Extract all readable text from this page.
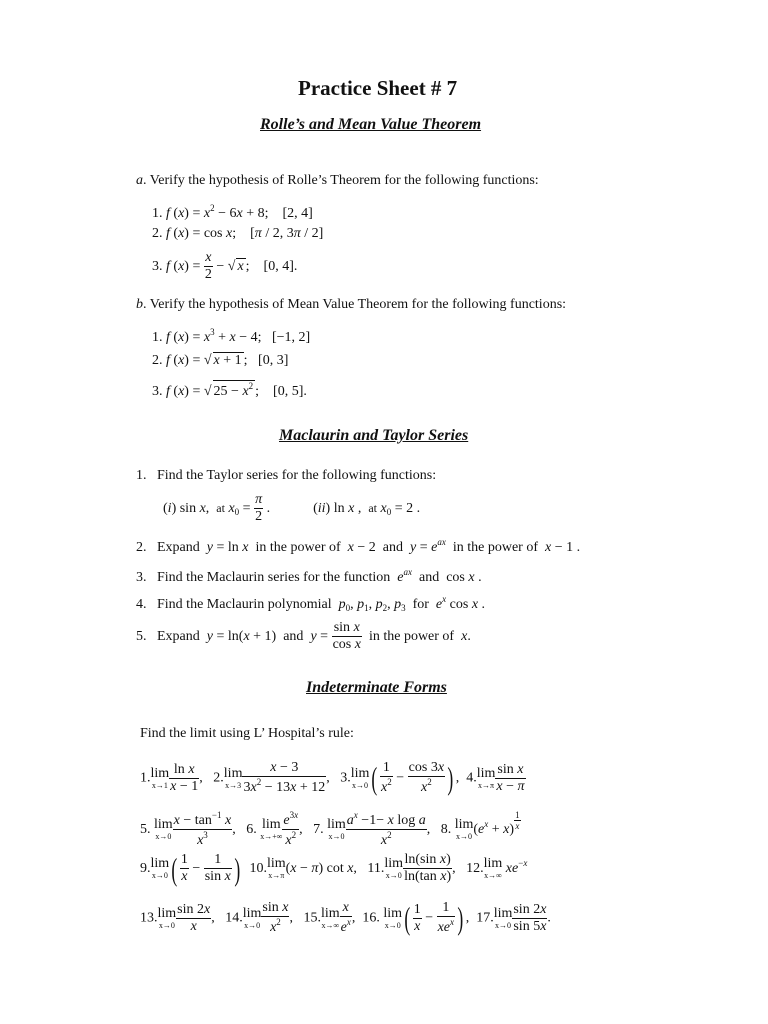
Practice Sheet # 7
Rolle’s and Mean Value Theorem
a. Verify the hypothesis of Rolle’s Theorem for the following functions:
1. f $(x) = x^2 - 6x + 8$;    [2, 4]
2. f (x) = cos x;    [π / 2, 3π / 2]
3. f $(x) = \frac{x}{2}$ − √ x ;    [0, 4].
b. Verify the hypothesis of Mean Value Theorem for the following functions:
1. f $(x) = x^3 + x - 4$;   [−1, 2]
2. f (x) = √ x + 1 ;   [0, 3]
3. f (x) = √ $25 - x^2$ ;    [0, 5].
Maclaurin and Taylor Series
1.   Find the Taylor series for the following functions:
(i) sin x,  at $x_0 = \frac{\pi}{2}$ .	(ii) ln x ,  at $x_0 = 2$ .
2.   Expand y = ln x in the power of x − 2  and $y = e^{ax}$ in the power of x − 1 .
3.   Find the Maclaurin series for the function $e^{ax}$ and  cos x .
4.   Find the Maclaurin polynomial $p_0$, $p_1$, $p_2$, $p_3$ for $e^x$ cos x .
5.   Expand y = ln(x + 1)  and $y = \frac{\text{sin x}}{\text{cos x}}$ in the power of x.
Indeterminate Forms
Find the limit using L’ Hospital’s rule:
1.lim
$x\to 1 \frac{\text{ln x}}{x - 1}$ ,   2.lim
$x\to 3 \frac{x - 3}{3x^2 - 13x + 12}$ ,   3.lim
x→0 ( $\frac{1}{x^2} - \frac{\cos 3x}{x^2}$ ) ,  4.lim
$x\to\pi \frac{\text{sin x}}{x - \pi}$
5. lim
$x\to 0 \frac{x - \tan^{-1} x}{x^3}$ ,   6. lim
$x\to+\infty \frac{e^{3x}}{x^2}$ ,   7. lim
$x\to 0 \frac{a^x -1- x \log a}{x^2}$ ,   8. lim
x→0 $(e^x + x)$ $^{\frac{1}{x}}$
9.lim
x→0 ( $\frac{1}{x} - \frac{1}{\text{sin x}}$ )  10.lim
x→π (x − π) cot x,   11.lim
$x\to 0 \frac{\text{ln(sin x)}}{\text{ln(tan x)}}$ ,   12.lim
x→∞ $xe^{-x}$
13.lim
$x\to 0 \frac{\sin 2x}{x}$ ,   14.lim
$x\to 0 \frac{\text{sin x}}{x^2}$ ,   15.lim
$x\to\infty \frac{x}{e^x}$ ,  16. lim
x→0 ( $\frac{1}{x} - \frac{1}{xe^x}$ ) ,  17.lim
$x\to 0 \frac{\sin 2x}{\sin 5x}$ .
